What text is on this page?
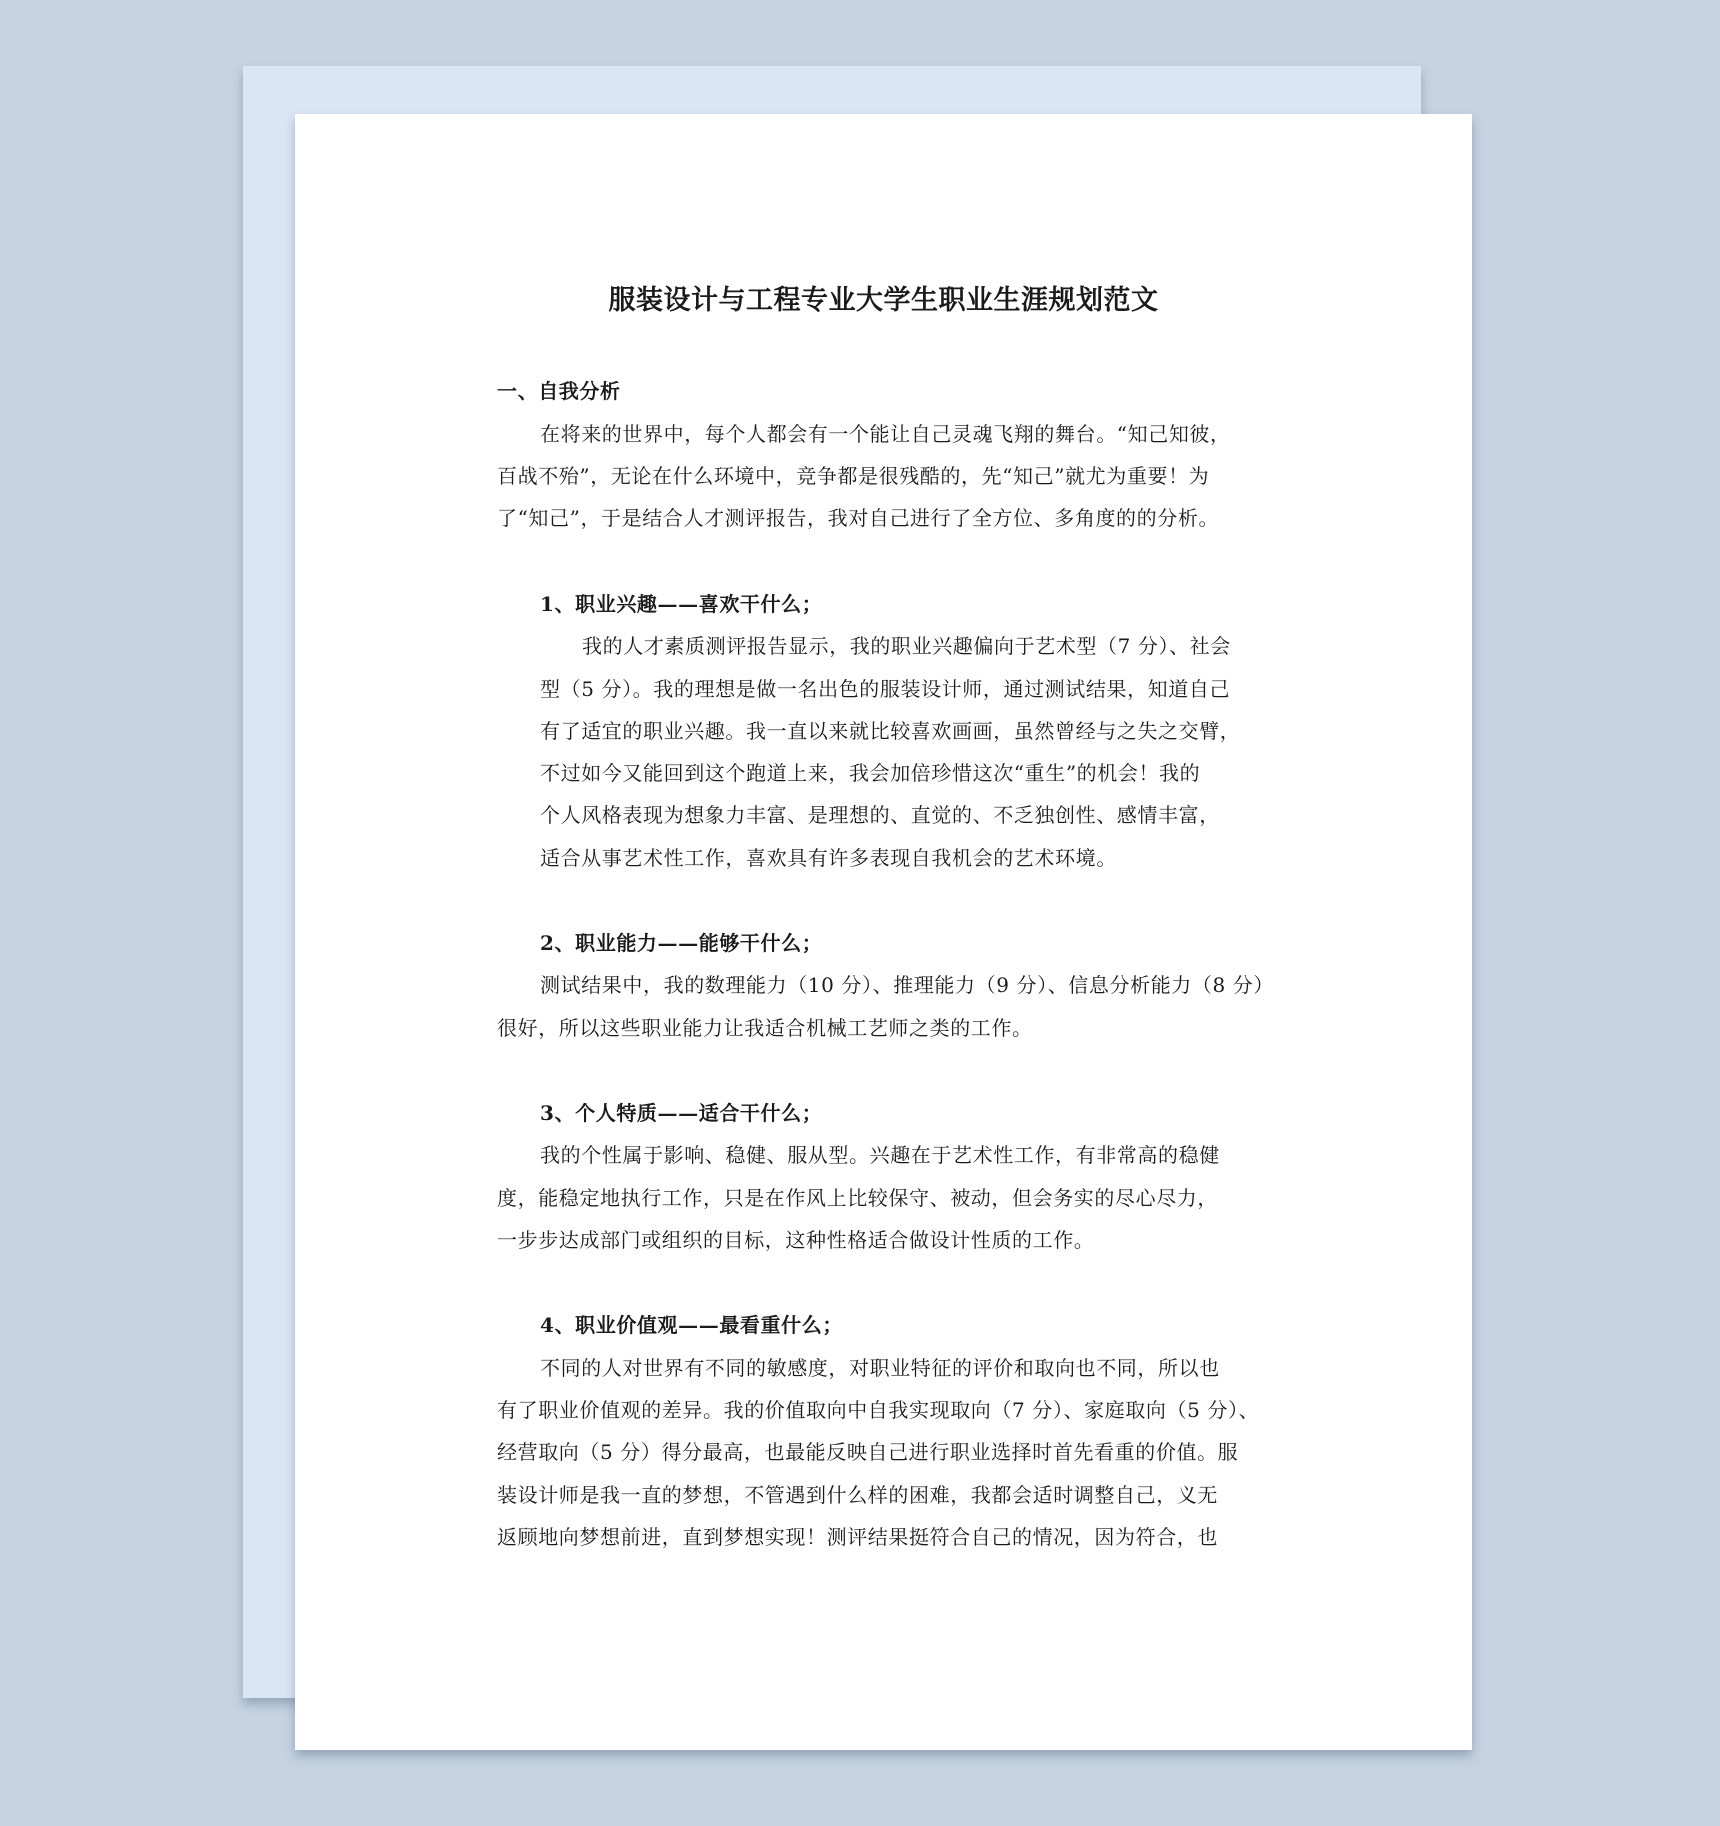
服装设计与工程专业大学生职业生涯规划范文
一、自我分析
在将来的世界中，每个人都会有一个能让自己灵魂飞翔的舞台。“知己知彼，
百战不殆”，无论在什么环境中，竞争都是很残酷的，先“知己”就尤为重要！为
了“知己”，于是结合人才测评报告，我对自己进行了全方位、多角度的的分析。
1、职业兴趣——喜欢干什么；
我的人才素质测评报告显示，我的职业兴趣偏向于艺术型（7 分）、社会
型（5 分）。我的理想是做一名出色的服装设计师，通过测试结果，知道自己
有了适宜的职业兴趣。我一直以来就比较喜欢画画，虽然曾经与之失之交臂，
不过如今又能回到这个跑道上来，我会加倍珍惜这次“重生”的机会！我的
个人风格表现为想象力丰富、是理想的、直觉的、不乏独创性、感情丰富，
适合从事艺术性工作，喜欢具有许多表现自我机会的艺术环境。
2、职业能力——能够干什么；
测试结果中，我的数理能力（10 分）、推理能力（9 分）、信息分析能力（8 分）
很好，所以这些职业能力让我适合机械工艺师之类的工作。
3、个人特质——适合干什么；
我的个性属于影响、稳健、服从型。兴趣在于艺术性工作，有非常高的稳健
度，能稳定地执行工作，只是在作风上比较保守、被动，但会务实的尽心尽力，
一步步达成部门或组织的目标，这种性格适合做设计性质的工作。
4、职业价值观——最看重什么；
不同的人对世界有不同的敏感度，对职业特征的评价和取向也不同，所以也
有了职业价值观的差异。我的价值取向中自我实现取向（7 分）、家庭取向（5 分）、
经营取向（5 分）得分最高，也最能反映自己进行职业选择时首先看重的价值。服
装设计师是我一直的梦想，不管遇到什么样的困难，我都会适时调整自己，义无
返顾地向梦想前进，直到梦想实现！测评结果挺符合自己的情况，因为符合，也
